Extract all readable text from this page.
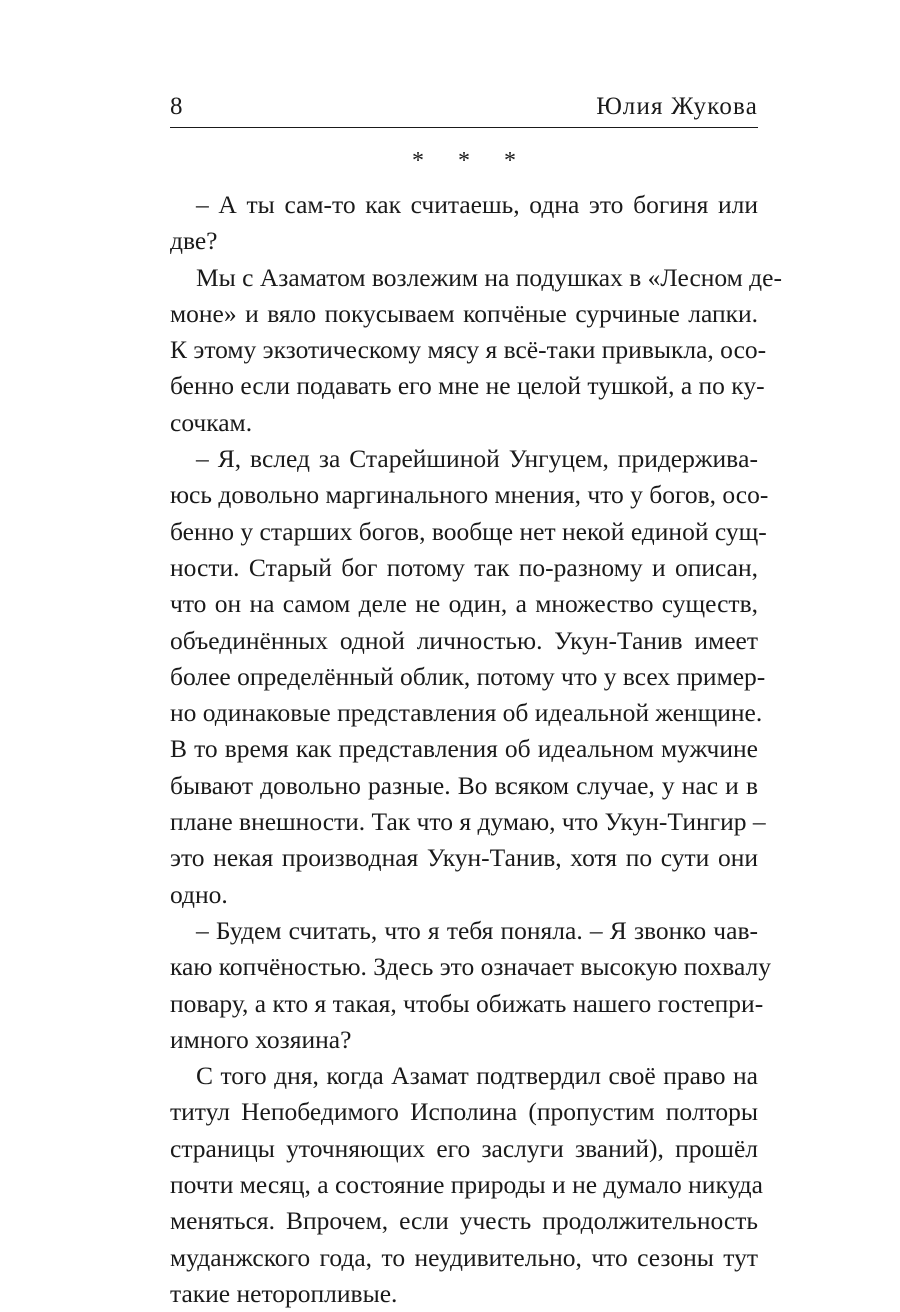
8	Юлия Жукова
* * *
– А ты сам-то как считаешь, одна это богиня или
две?
Мы с Азаматом возлежим на подушках в «Лесном де-
моне» и вяло покусываем копчёные сурчиные лапки.
К этому экзотическому мясу я всё-таки привыкла, осо-
бенно если подавать его мне не целой тушкой, а по ку-
сочкам.
– Я, вслед за Старейшиной Унгуцем, придерживa-
юсь довольно маргинального мнения, что у богов, осо-
бенно у старших богов, вообще нет некой единой сущ-
ности. Старый бог потому так по-разному и описан,
что он на самом деле не один, а множество существ,
объединённых одной личностью. Укун-Танив имеет
более определённый облик, потому что у всех пример-
но одинаковые представления об идеальной женщине.
В то время как представления об идеальном мужчине
бывают довольно разные. Во всяком случае, у нас и в
плане внешности. Так что я думаю, что Укун-Тингир –
это некая производная Укун-Танив, хотя по сути они
одно.
– Будем считать, что я тебя поняла. – Я звонко чав-
каю копчёностью. Здесь это означает высокую похвалу
повару, а кто я такая, чтобы обижать нашего гостепри-
имного хозяина?
С того дня, когда Азамат подтвердил своё право на
титул Непобедимого Исполина (пропустим полторы
страницы уточняющих его заслуги званий), прошёл
почти месяц, а состояние природы и не думало никуда
меняться. Впрочем, если учесть продолжительность
муданжского года, то неудивительно, что сезоны тут
такие неторопливые.
